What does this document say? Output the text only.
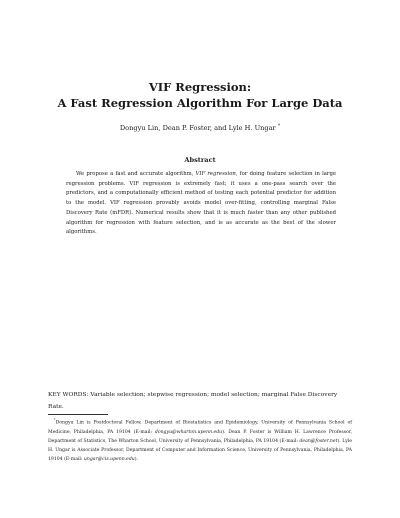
VIF Regression:
A Fast Regression Algorithm For Large Data
Dongyu Lin, Dean P. Foster, and Lyle H. Ungar *
Abstract
We propose a fast and accurate algorithm, VIF regression, for doing feature selection in large regression problems. VIF regression is extremely fast; it uses a one-pass search over the predictors, and a computationally efficient method of testing each potential predictor for addition to the model. VIF regression provably avoids model over-fitting, controlling marginal False Discovery Rate (mFDR). Numerical results show that it is much faster than any other published algorithm for regression with feature selection, and is as accurate as the best of the slower algorithms.
KEY WORDS: Variable selection; stepwise regression; model selection; marginal False Discovery Rate.
*Dongyu Lin is Postdoctoral Fellow, Department of Biostatistics and Epidemiology, University of Pennsylvania School of Medicine, Philadelphia, PA 19104 (E-mail: dongyu@wharton.upenn.edu). Dean P. Foster is William H. Lawrence Professor, Department of Statistics, The Wharton School, University of Pennsylvania, Philadelphia, PA 19104 (E-mail: dean@foster.net). Lyle H. Ungar is Associate Professor, Department of Computer and Information Science, University of Pennsylvania, Philadelphia, PA 19104 (E-mail: ungar@cis.upenn.edu).
